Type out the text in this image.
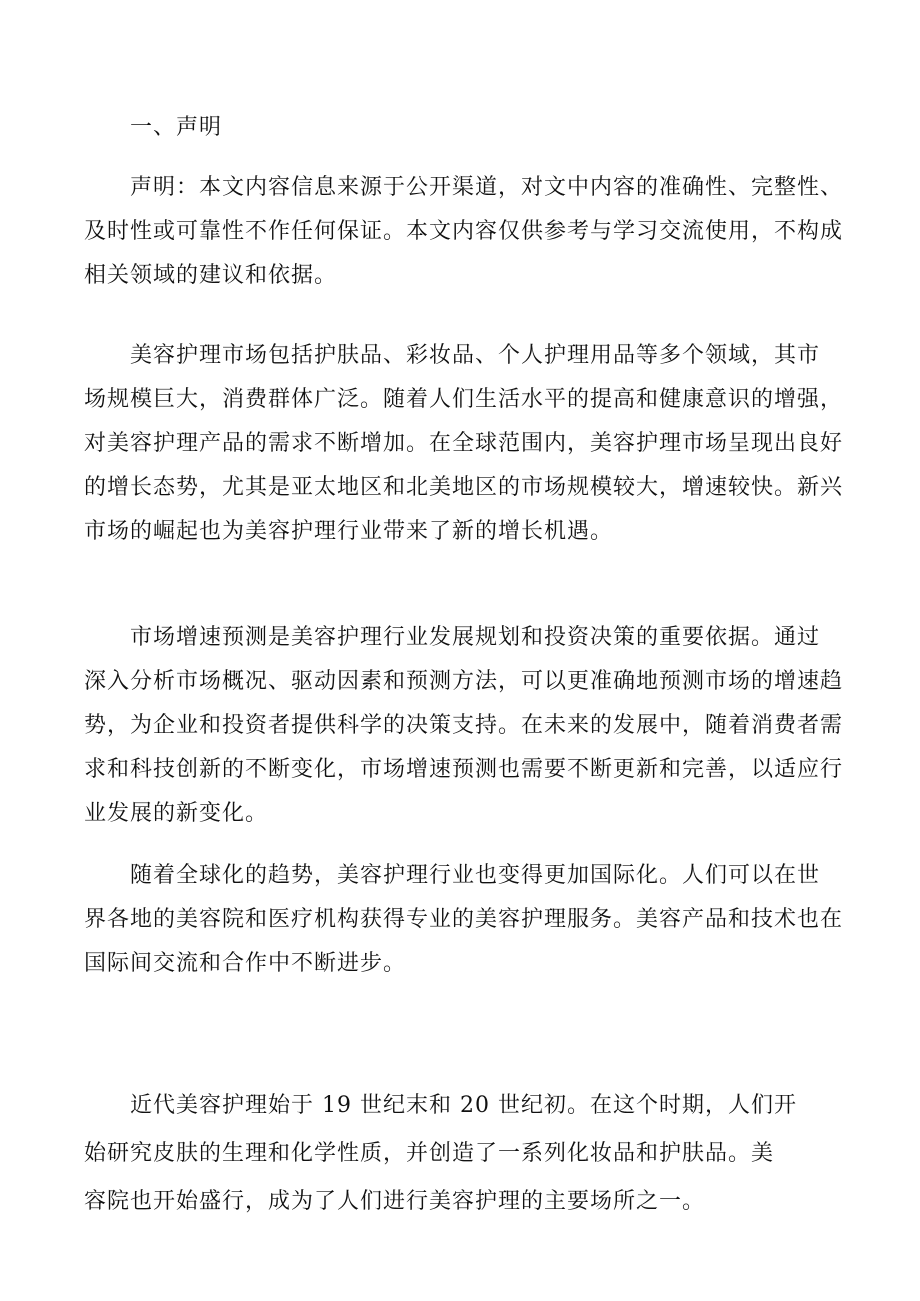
　　一、声明
　　声明：本文内容信息来源于公开渠道，对文中内容的准确性、完整性、
及时性或可靠性不作任何保证。本文内容仅供参考与学习交流使用，不构成
相关领域的建议和依据。
　　美容护理市场包括护肤品、彩妆品、个人护理用品等多个领域，其市
场规模巨大，消费群体广泛。随着人们生活水平的提高和健康意识的增强，
对美容护理产品的需求不断增加。在全球范围内，美容护理市场呈现出良好
的增长态势，尤其是亚太地区和北美地区的市场规模较大，增速较快。新兴
市场的崛起也为美容护理行业带来了新的增长机遇。
　　市场增速预测是美容护理行业发展规划和投资决策的重要依据。通过
深入分析市场概况、驱动因素和预测方法，可以更准确地预测市场的增速趋
势，为企业和投资者提供科学的决策支持。在未来的发展中，随着消费者需
求和科技创新的不断变化，市场增速预测也需要不断更新和完善，以适应行
业发展的新变化。
　　随着全球化的趋势，美容护理行业也变得更加国际化。人们可以在世
界各地的美容院和医疗机构获得专业的美容护理服务。美容产品和技术也在
国际间交流和合作中不断进步。
　　近代美容护理始于 19 世纪末和 20 世纪初。在这个时期，人们开
始研究皮肤的生理和化学性质，并创造了一系列化妆品和护肤品。美
容院也开始盛行，成为了人们进行美容护理的主要场所之一。
